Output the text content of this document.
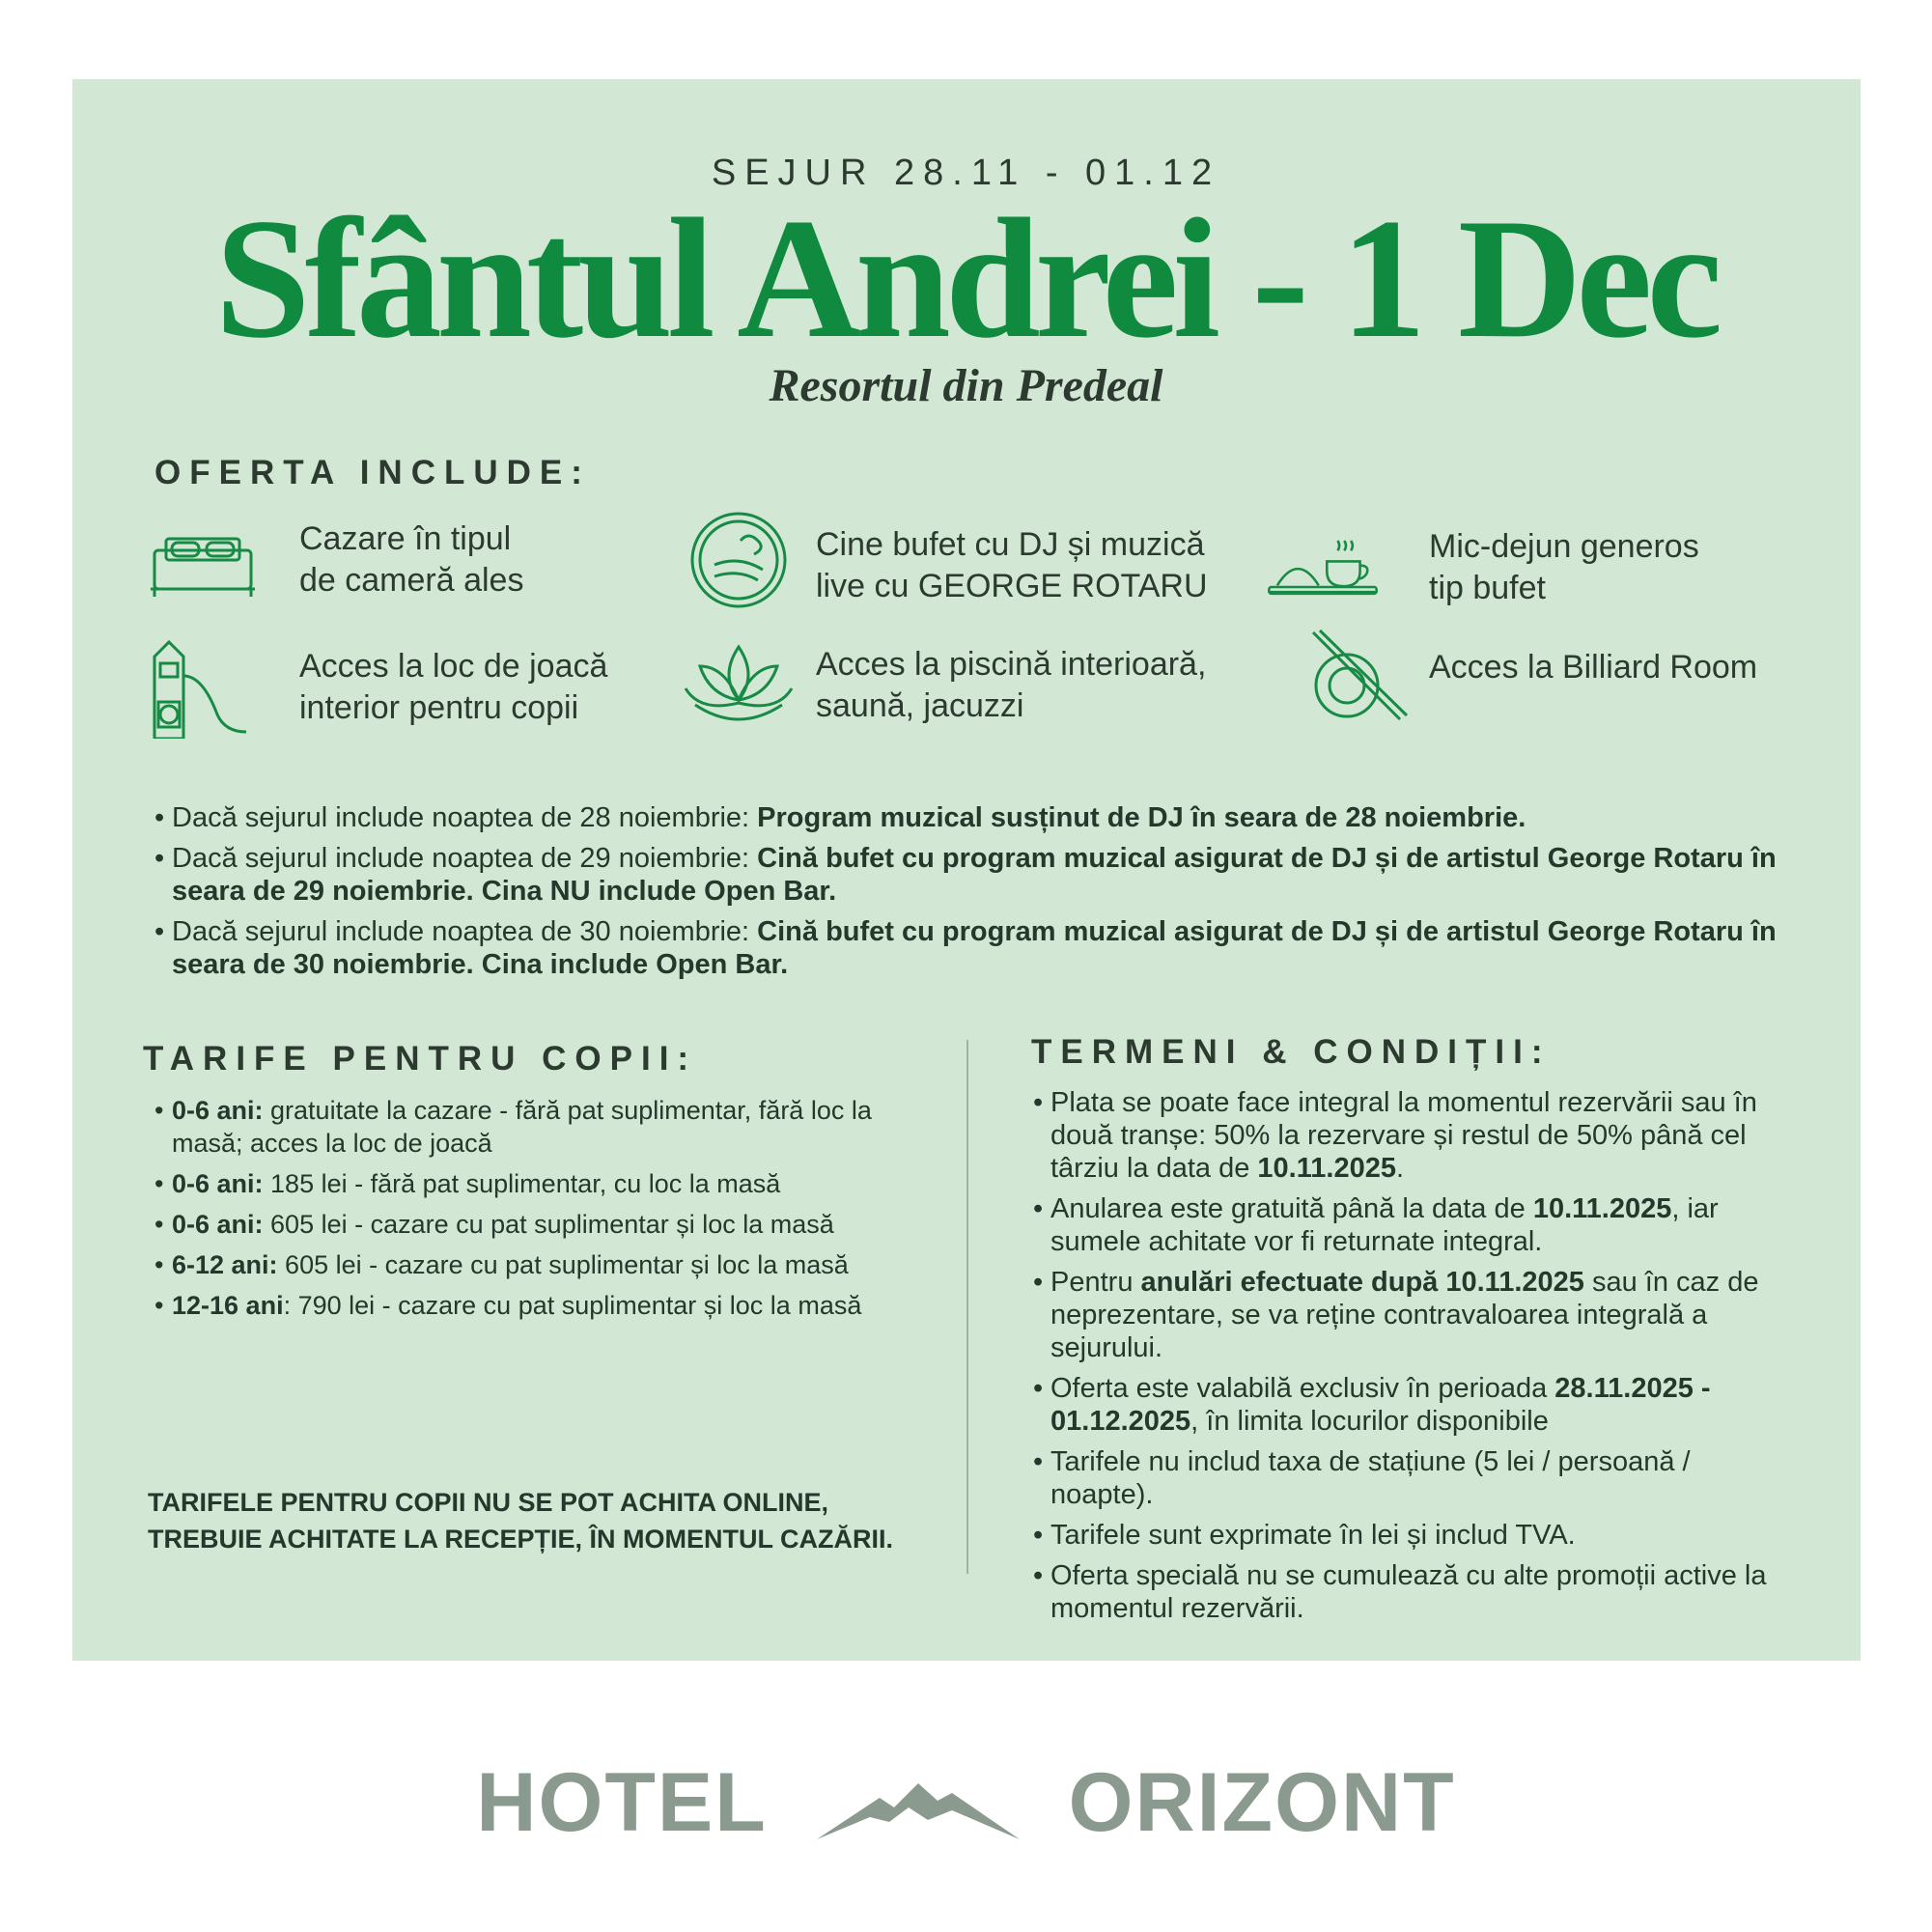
SEJUR 28.11 - 01.12
Sfântul Andrei - 1 Dec
Resortul din Predeal
OFERTA INCLUDE:
Cazare în tipul
de cameră ales
Cine bufet cu DJ și muzică
live cu GEORGE ROTARU
Mic-dejun generos
tip bufet
Acces la loc de joacă
interior pentru copii
Acces la piscină interioară,
saună, jacuzzi
Acces la Billiard Room
• Dacă sejurul include noaptea de 28 noiembrie: Program muzical susținut de DJ în seara de 28 noiembrie.
• Dacă sejurul include noaptea de 29 noiembrie: Cină bufet cu program muzical asigurat de DJ și de artistul George Rotaru în seara de 29 noiembrie. Cina NU include Open Bar.
• Dacă sejurul include noaptea de 30 noiembrie: Cină bufet cu program muzical asigurat de DJ și de artistul George Rotaru în seara de 30 noiembrie. Cina include Open Bar.
TARIFE PENTRU COPII:
• 0-6 ani: gratuitate la cazare - fără pat suplimentar, fără loc la masă; acces la loc de joacă
• 0-6 ani: 185 lei - fără pat suplimentar, cu loc la masă
• 0-6 ani: 605 lei - cazare cu pat suplimentar și loc la masă
• 6-12 ani: 605 lei - cazare cu pat suplimentar și loc la masă
• 12-16 ani: 790 lei - cazare cu pat suplimentar și loc la masă
TARIFELE PENTRU COPII NU SE POT ACHITA ONLINE,
TREBUIE ACHITATE LA RECEPȚIE, ÎN MOMENTUL CAZĂRII.
TERMENI & CONDIȚII:
• Plata se poate face integral la momentul rezervării sau în două tranșe: 50% la rezervare și restul de 50% până cel târziu la data de 10.11.2025.
• Anularea este gratuită până la data de 10.11.2025, iar sumele achitate vor fi returnate integral.
• Pentru anulări efectuate după 10.11.2025 sau în caz de neprezentare, se va reține contravaloarea integrală a sejurului.
• Oferta este valabilă exclusiv în perioada 28.11.2025 - 01.12.2025, în limita locurilor disponibile
• Tarifele nu includ taxa de stațiune (5 lei / persoană / noapte).
• Tarifele sunt exprimate în lei și includ TVA.
• Oferta specială nu se cumulează cu alte promoții active la momentul rezervării.
HOTEL	ORIZONT
